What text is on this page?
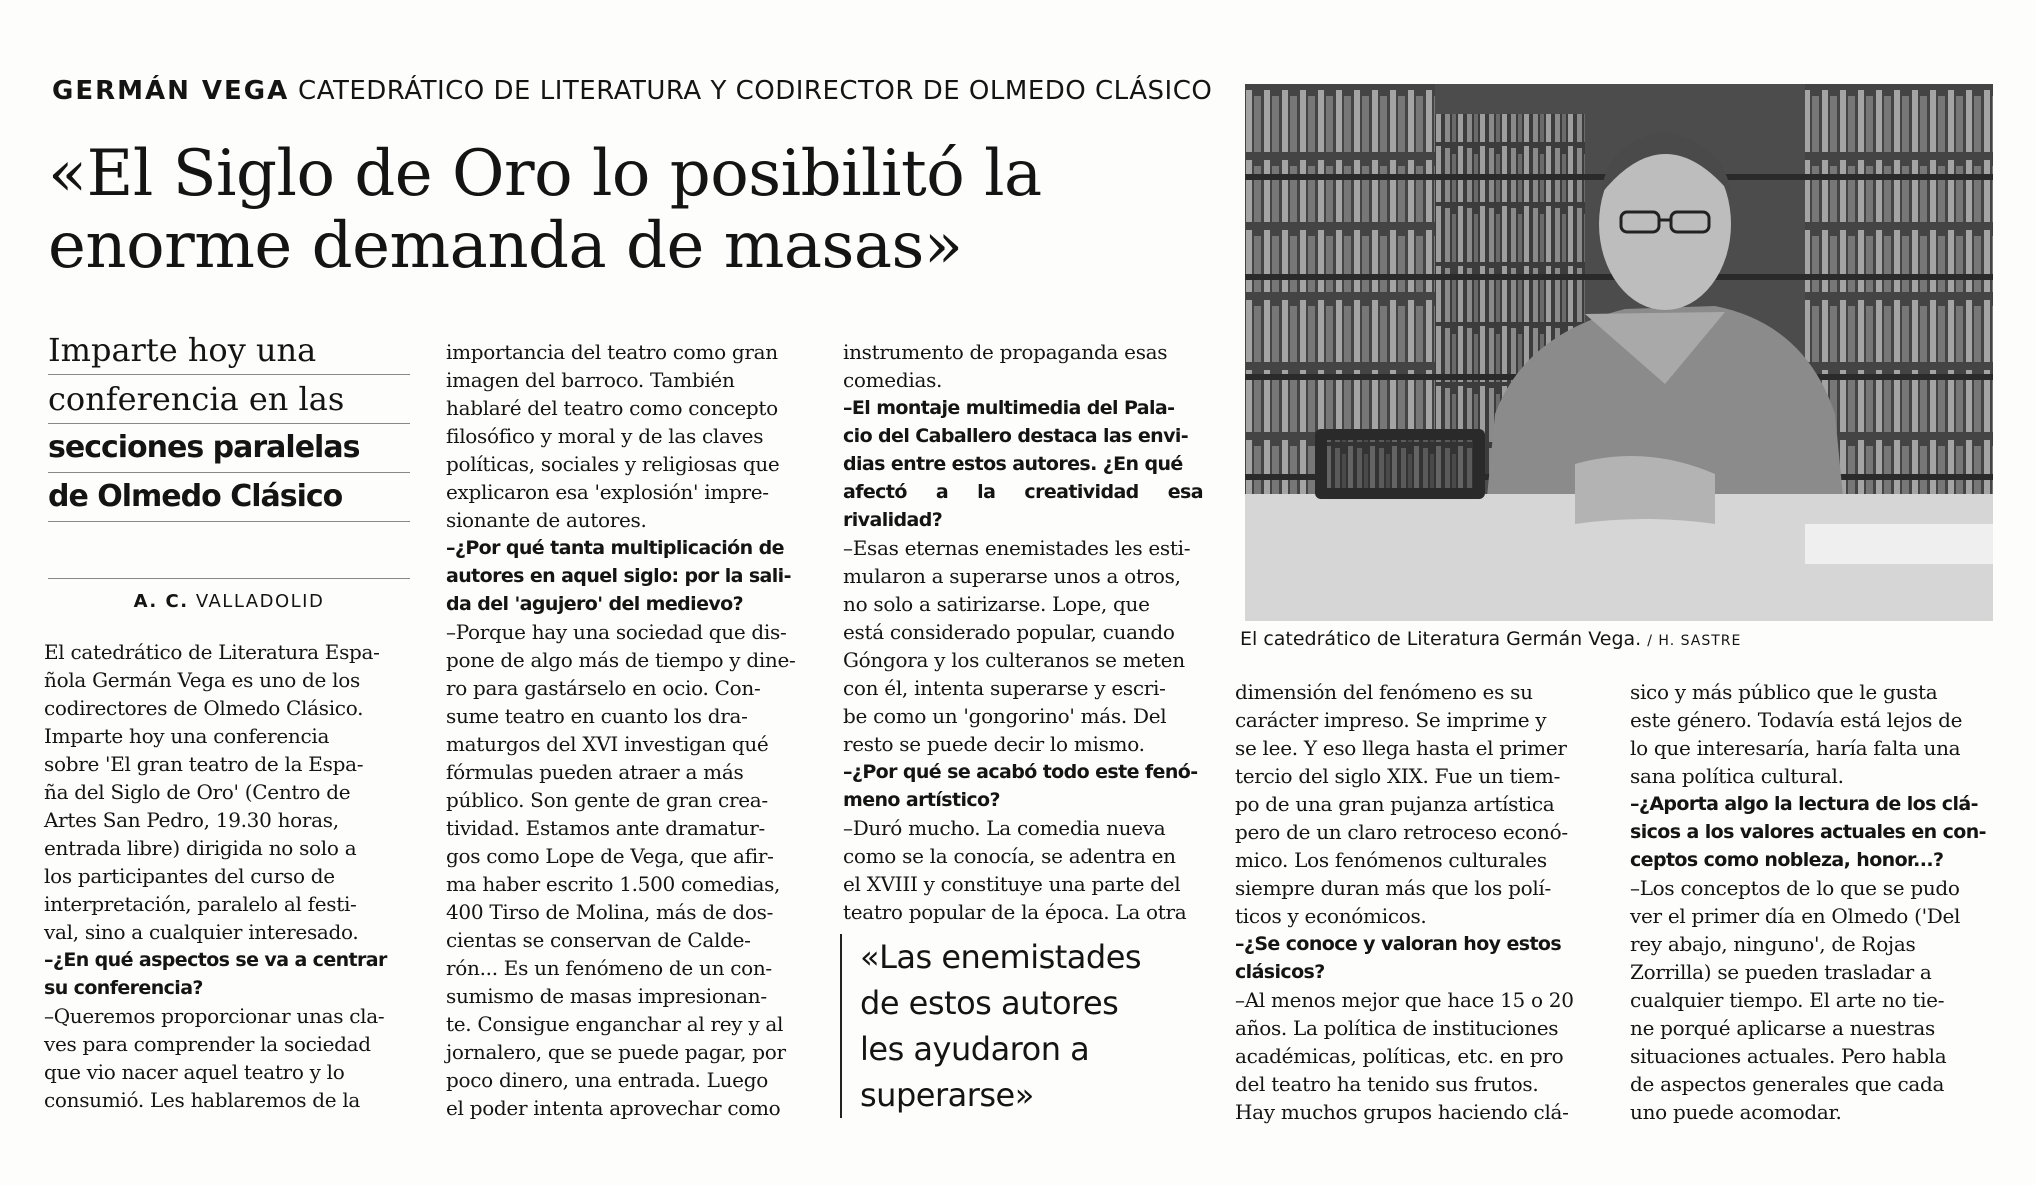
GERMÁN VEGA CATEDRÁTICO DE LITERATURA Y CODIRECTOR DE OLMEDO CLÁSICO
«El Siglo de Oro lo posibilitó la
enorme demanda de masas»
Imparte hoy una
conferencia en las
secciones paralelas
de Olmedo Clásico
A. C. VALLADOLID

El catedrático de Literatura Espa-
ñola Germán Vega es uno de los
codirectores de Olmedo Clásico.
Imparte hoy una conferencia
sobre 'El gran teatro de la Espa-
ña del Siglo de Oro' (Centro de
Artes San Pedro, 19.30 horas,
entrada libre) dirigida no solo a
los participantes del curso de
interpretación, paralelo al festi-
val, sino a cualquier interesado.

–¿En qué aspectos se va a centrar
su conferencia?

–Queremos proporcionar unas cla-
ves para comprender la sociedad
que vio nacer aquel teatro y lo
consumió. Les hablaremos de la

importancia del teatro como gran
imagen del barroco. También
hablaré del teatro como concepto
filosófico y moral y de las claves
políticas, sociales y religiosas que
explicaron esa 'explosión' impre-
sionante de autores.

–¿Por qué tanta multiplicación de
autores en aquel siglo: por la sali-
da del 'agujero' del medievo?

–Porque hay una sociedad que dis-
pone de algo más de tiempo y dine-
ro para gastárselo en ocio. Con-
sume teatro en cuanto los dra-
maturgos del XVI investigan qué
fórmulas pueden atraer a más
público. Son gente de gran crea-
tividad. Estamos ante dramatur-
gos como Lope de Vega, que afir-
ma haber escrito 1.500 comedias,
400 Tirso de Molina, más de dos-
cientas se conservan de Calde-
rón... Es un fenómeno de un con-
sumismo de masas impresionan-
te. Consigue enganchar al rey y al
jornalero, que se puede pagar, por
poco dinero, una entrada. Luego
el poder intenta aprovechar como

instrumento de propaganda esas
comedias.

–El montaje multimedia del Pala-
cio del Caballero destaca las envi-
dias entre estos autores. ¿En qué
afectó a la creatividad esa rivalidad?

–Esas eternas enemistades les esti-
mularon a superarse unos a otros,
no solo a satirizarse. Lope, que
está considerado popular, cuando
Góngora y los culteranos se meten
con él, intenta superarse y escri-
be como un 'gongorino' más. Del
resto se puede decir lo mismo.

–¿Por qué se acabó todo este fenó-
meno artístico?

–Duró mucho. La comedia nueva
como se la conocía, se adentra en
el XVIII y constituye una parte del
teatro popular de la época. La otra

dimensión del fenómeno es su
carácter impreso. Se imprime y
se lee. Y eso llega hasta el primer
tercio del siglo XIX. Fue un tiem-
po de una gran pujanza artística
pero de un claro retroceso econó-
mico. Los fenómenos culturales
siempre duran más que los polí-
ticos y económicos.

–¿Se conoce y valoran hoy estos
clásicos?

–Al menos mejor que hace 15 o 20
años. La política de instituciones
académicas, políticas, etc. en pro
del teatro ha tenido sus frutos.
Hay muchos grupos haciendo clá-

sico y más público que le gusta
este género. Todavía está lejos de
lo que interesaría, haría falta una
sana política cultural.

–¿Aporta algo la lectura de los clá-
sicos a los valores actuales en con-
ceptos como nobleza, honor...?

–Los conceptos de lo que se pudo
ver el primer día en Olmedo ('Del
rey abajo, ninguno', de Rojas
Zorrilla) se pueden trasladar a
cualquier tiempo. El arte no tie-
ne porqué aplicarse a nuestras
situaciones actuales. Pero habla
de aspectos generales que cada
uno puede acomodar.

El catedrático de Literatura Germán Vega. / H. SASTRE
«Las enemistades
de estos autores
les ayudaron a
superarse»
